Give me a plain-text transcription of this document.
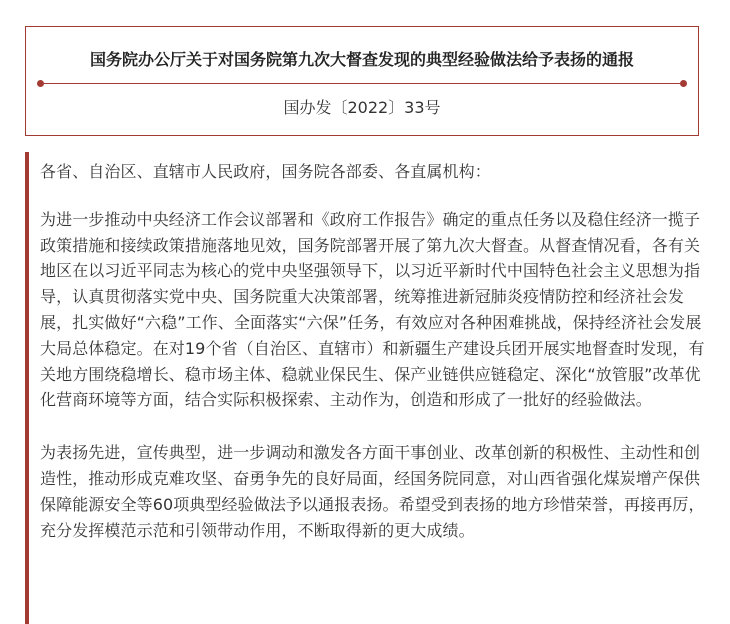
国务院办公厅关于对国务院第九次大督查发现的典型经验做法给予表扬的通报
国办发〔2022〕33号

各省、自治区、直辖市人民政府，国务院各部委、各直属机构：

为进一步推动中央经济工作会议部署和《政府工作报告》确定的重点任务以及稳住经济一揽子政策措施和接续政策措施落地见效，国务院部署开展了第九次大督查。从督查情况看，各有关地区在以习近平同志为核心的党中央坚强领导下，以习近平新时代中国特色社会主义思想为指导，认真贯彻落实党中央、国务院重大决策部署，统筹推进新冠肺炎疫情防控和经济社会发展，扎实做好“六稳”工作、全面落实“六保”任务，有效应对各种困难挑战，保持经济社会发展大局总体稳定。在对19个省（自治区、直辖市）和新疆生产建设兵团开展实地督查时发现，有关地方围绕稳增长、稳市场主体、稳就业保民生、保产业链供应链稳定、深化“放管服”改革优化营商环境等方面，结合实际积极探索、主动作为，创造和形成了一批好的经验做法。

为表扬先进，宣传典型，进一步调动和激发各方面干事创业、改革创新的积极性、主动性和创造性，推动形成克难攻坚、奋勇争先的良好局面，经国务院同意，对山西省强化煤炭增产保供保障能源安全等60项典型经验做法予以通报表扬。希望受到表扬的地方珍惜荣誉，再接再厉，充分发挥模范示范和引领带动作用，不断取得新的更大成绩。
